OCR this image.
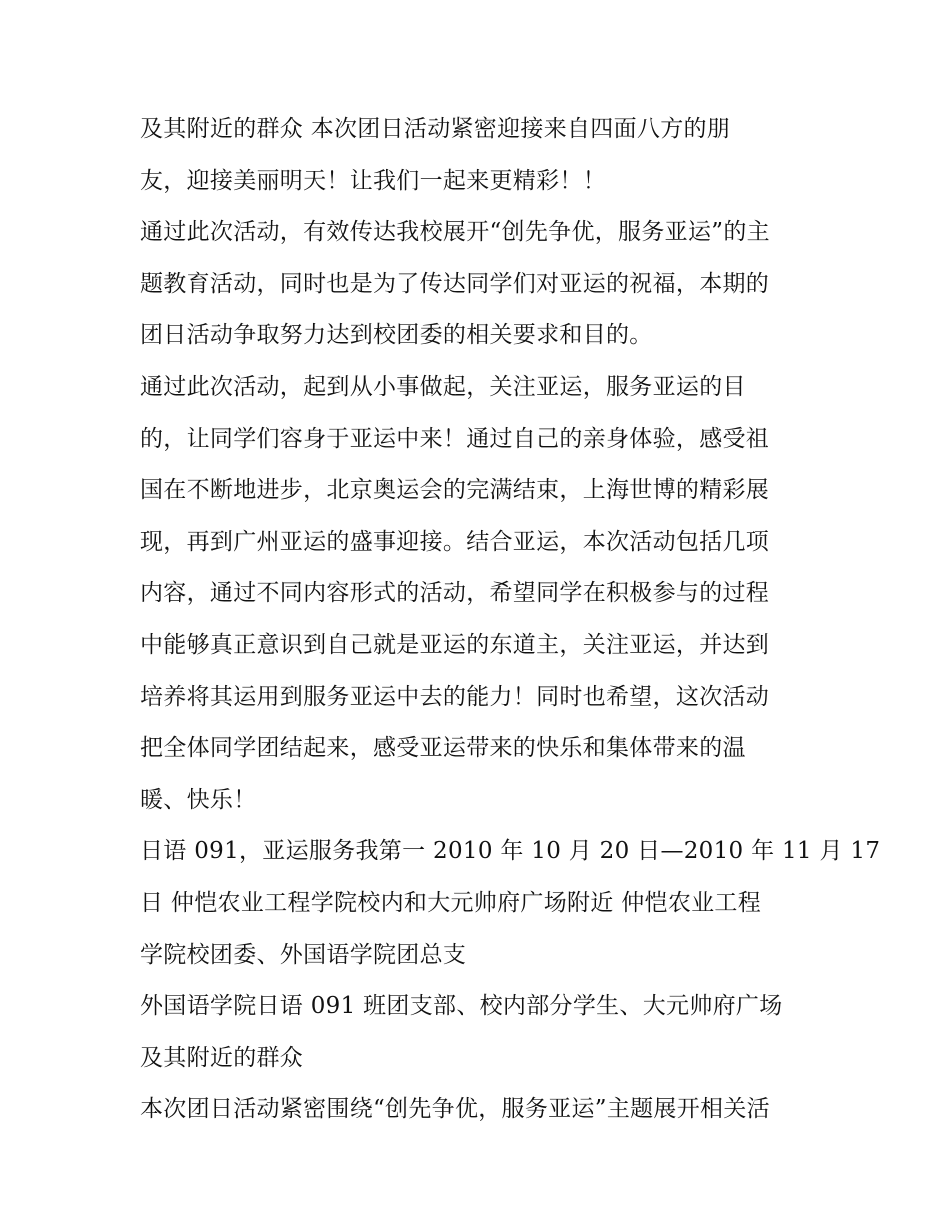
及其附近的群众 本次团日活动紧密迎接来自四面八方的朋
友，迎接美丽明天！让我们一起来更精彩！！
通过此次活动，有效传达我校展开“创先争优，服务亚运”的主
题教育活动，同时也是为了传达同学们对亚运的祝福，本期的
团日活动争取努力达到校团委的相关要求和目的。
通过此次活动，起到从小事做起，关注亚运，服务亚运的目
的，让同学们容身于亚运中来！通过自己的亲身体验，感受祖
国在不断地进步，北京奥运会的完满结束，上海世博的精彩展
现，再到广州亚运的盛事迎接。结合亚运，本次活动包括几项
内容，通过不同内容形式的活动，希望同学在积极参与的过程
中能够真正意识到自己就是亚运的东道主，关注亚运，并达到
培养将其运用到服务亚运中去的能力！同时也希望，这次活动
把全体同学团结起来，感受亚运带来的快乐和集体带来的温
暖、快乐！
日语 091，亚运服务我第一 2010 年 10 月 20 日—2010 年 11 月 17
日 仲恺农业工程学院校内和大元帅府广场附近 仲恺农业工程
学院校团委、外国语学院团总支
外国语学院日语 091 班团支部、校内部分学生、大元帅府广场
及其附近的群众
本次团日活动紧密围绕“创先争优，服务亚运”主题展开相关活
